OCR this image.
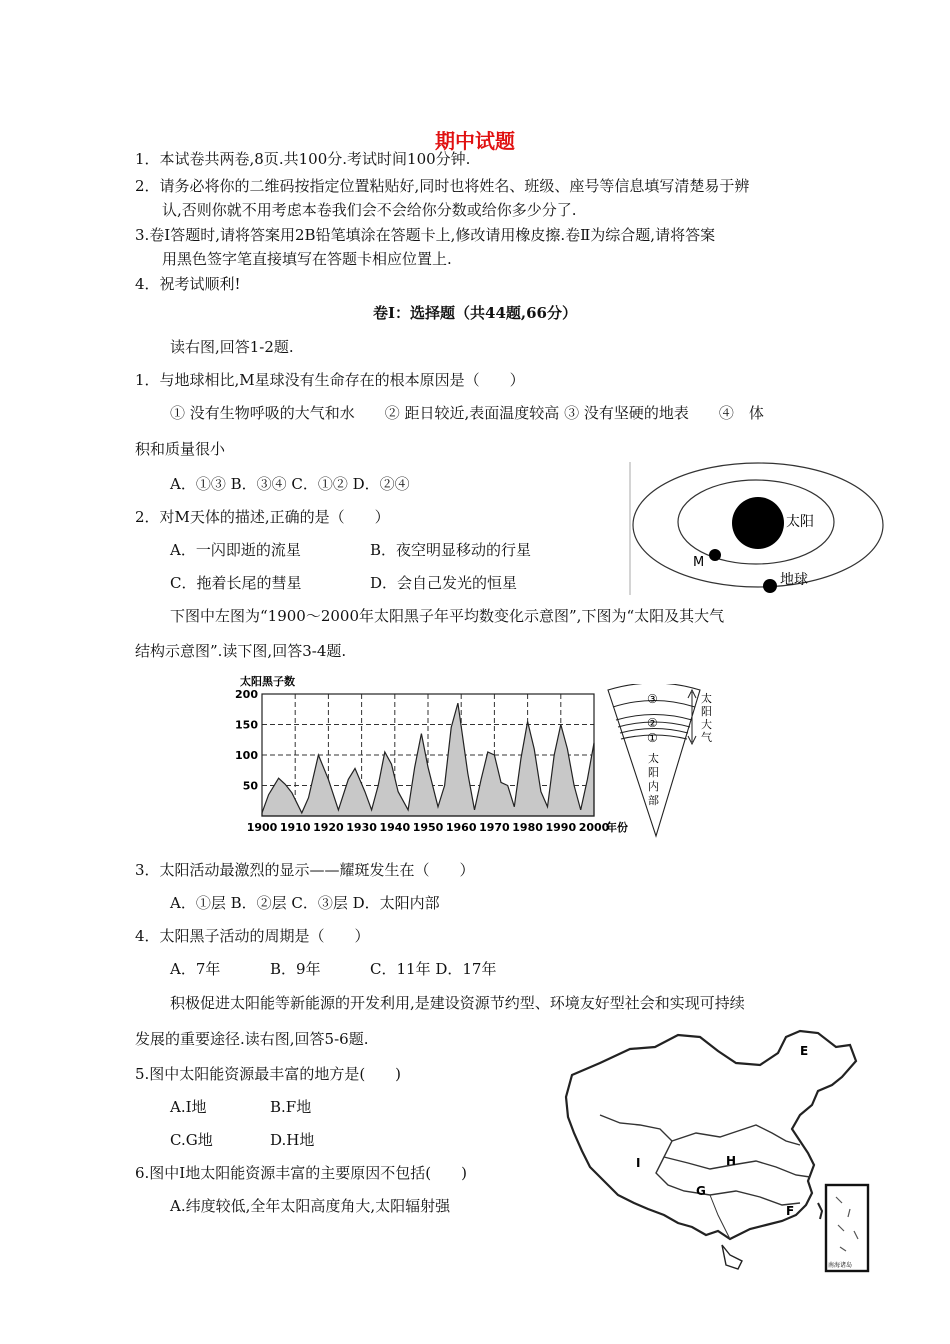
期中试题
1．本试卷共两卷,8页.共100分.考试时间100分钟.
2．请务必将你的二维码按指定位置粘贴好,同时也将姓名、班级、座号等信息填写清楚易于辨
认,否则你就不用考虑本卷我们会不会给你分数或给你多少分了.
3.卷Ⅰ答题时,请将答案用2B铅笔填涂在答题卡上,修改请用橡皮擦.卷Ⅱ为综合题,请将答案
用黑色签字笔直接填写在答题卡相应位置上.
4．祝考试顺利!
卷Ⅰ：选择题（共44题,66分）
读右图,回答1-2题.
1．与地球相比,M星球没有生命存在的根本原因是（　　）
① 没有生物呼吸的大气和水　　② 距日较近,表面温度较高 ③ 没有坚硬的地表　　④　体
积和质量很小
A．①③ B．③④ C．①② D．②④
2．对M天体的描述,正确的是（　　）
A．一闪即逝的流星	B．夜空明显移动的行星
C．拖着长尾的彗星	D．会自己发光的恒星
太阳
M
地球
下图中左图为“1900～2000年太阳黑子年平均数变化示意图”,下图为“太阳及其大气
结构示意图”.读下图,回答3-4题.
太阳黑子数
50
100
150
200
1900 1910 1920 1930 1940 1950 1960 1970 1980 1990 2000
年份
③
②
①
太
阳
内
部
太
阳
大
气
3．太阳活动最激烈的显示——耀斑发生在（　　）
A．①层 B．②层 C．③层 D．太阳内部
4．太阳黑子活动的周期是（　　）
A．7年	B．9年	C．11年 D．17年
积极促进太阳能等新能源的开发利用,是建设资源节约型、环境友好型社会和实现可持续
发展的重要途径.读右图,回答5-6题.
5.图中太阳能资源最丰富的地方是(　　)
A.I地	B.F地
C.G地	D.H地
6.图中I地太阳能资源丰富的主要原因不包括(　　)
A.纬度较低,全年太阳高度角大,太阳辐射强
E
I	H
G
F
南海诸岛
